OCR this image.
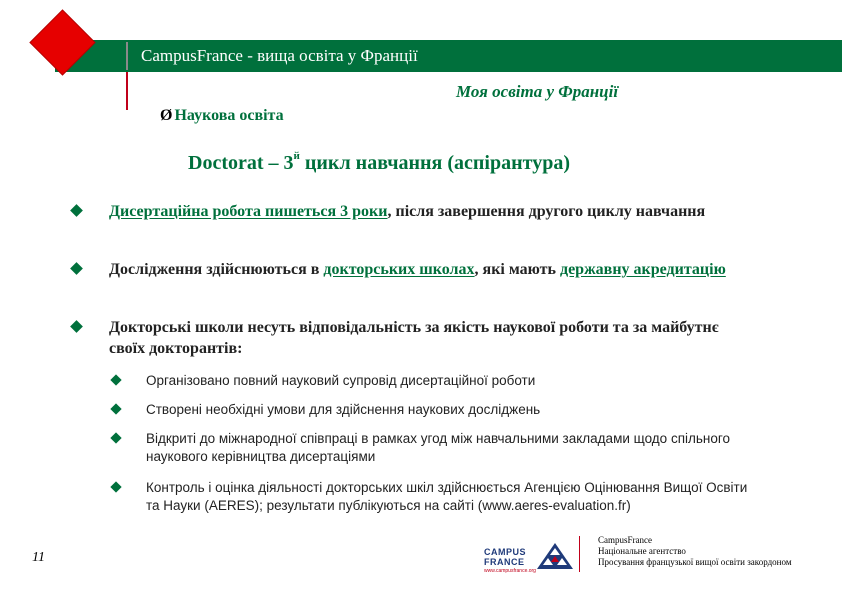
CampusFrance - вища освіта у Франції
Моя освіта у Франції
Ø Наукова освіта
Doctorat – $3^й$ цикл навчання (аспірантура)
Дисертаційна робота пишеться 3 роки, після завершення другого циклу навчання
Дослідження здійснюються в докторських школах, які мають державну акредитацію
Докторські школи несуть відповідальність за якість наукової роботи та за майбутнє своїх докторантів:
Організовано повний науковий супровід дисертаційної роботи
Створені необхідні умови для здійснення наукових досліджень
Відкриті до міжнародної співпраці в рамках угод між навчальними закладами щодо спільного наукового керівництва дисертаціями
Контроль і оцінка діяльності докторських шкіл здійснюється Агенцією Оцінювання Вищої Освіти та Науки (AERES); результати публікуються на сайті (www.aeres-evaluation.fr)
11	CAMPUS
FRANCE
www.campusfrance.org
CampusFrance
Національне агентство
Просування французької вищої освіти закордоном
